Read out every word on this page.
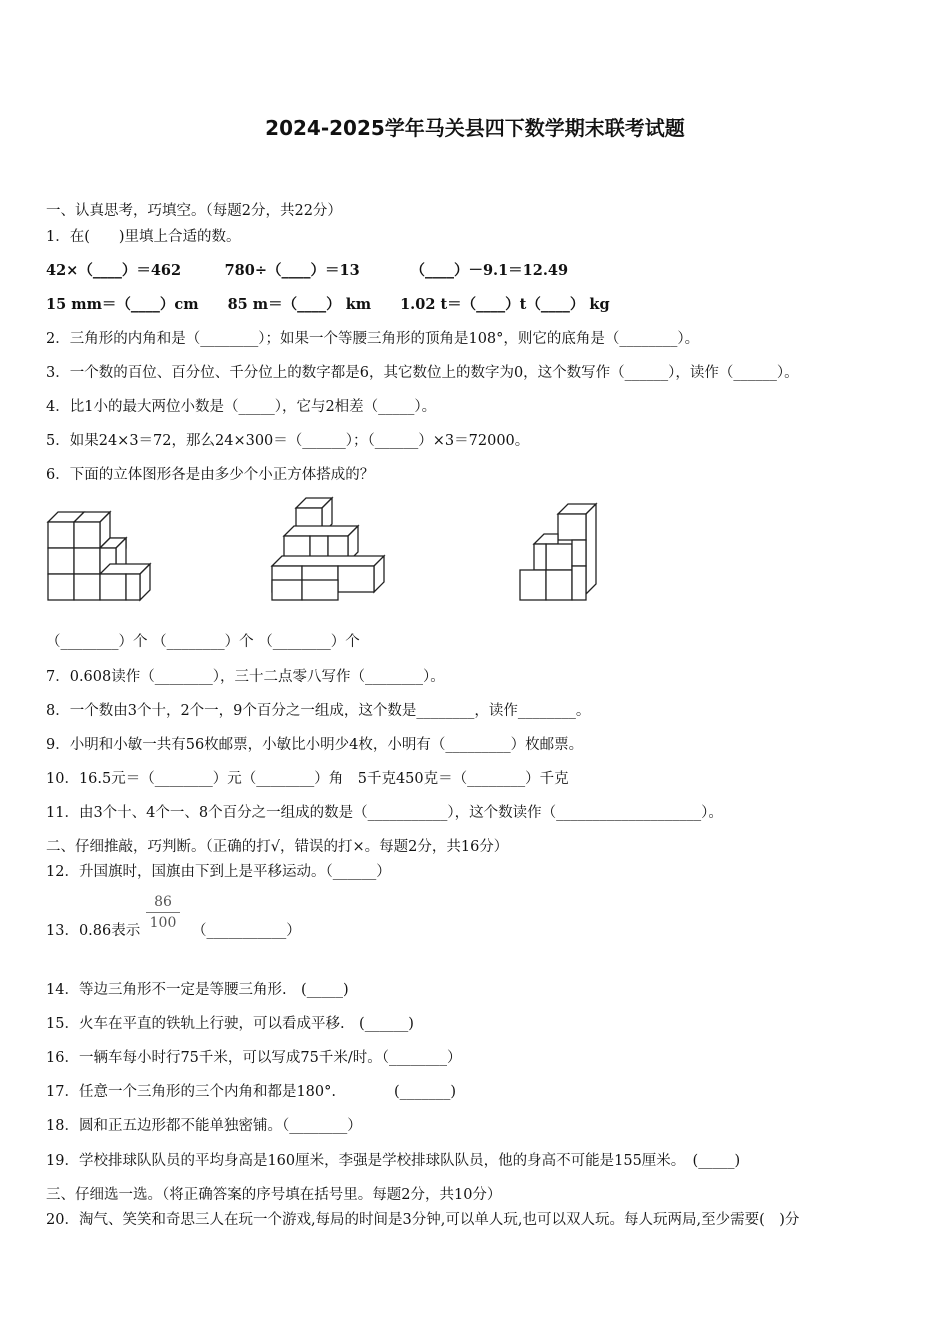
2024-2025学年马关县四下数学期末联考试题
一、认真思考，巧填空。（每题2分，共22分）
1．在(　　)里填上合适的数。
42×（____）＝462　　　780÷（____）＝13　　　　（____）－9.1＝12.49
15 mm＝（____）cm　　85 m＝（____） km　　1.02 t＝（____）t（____） kg
2．三角形的内角和是（________）；如果一个等腰三角形的顶角是108°，则它的底角是（________）。
3．一个数的百位、百分位、千分位上的数字都是6，其它数位上的数字为0，这个数写作（______），读作（______）。
4．比1小的最大两位小数是（_____），它与2相差（_____）。
5．如果24×3＝72，那么24×300＝（______）；（______）×3＝72000。
6．下面的立体图形各是由多少个小正方体搭成的？
（________）个 （________）个 （________）个
7．0.608读作（________），三十二点零八写作（________）。
8．一个数由3个十，2个一，9个百分之一组成，这个数是________，读作________。
9．小明和小敏一共有56枚邮票，小敏比小明少4枚，小明有（_________）枚邮票。
10．16.5元＝（________）元（________）角　5千克450克＝（________）千克
11．由3个十、4个一、8个百分之一组成的数是（___________），这个数读作（____________________）。
二、仔细推敲，巧判断。（正确的打√，错误的打×。每题2分，共16分）
12．升国旗时，国旗由下到上是平移运动。（______）
13．0.86表示 $\frac{86}{100}$ （___________）
14．等边三角形不一定是等腰三角形.　(_____)
15．火车在平直的铁轨上行驶，可以看成平移.　(______)
16．一辆车每小时行75千米，可以写成75千米/时。（________）
17．任意一个三角形的三个内角和都是180°.　　　　(_______)
18．圆和正五边形都不能单独密铺。（________）
19．学校排球队队员的平均身高是160厘米，李强是学校排球队队员，他的身高不可能是155厘米。　(_____)
三、仔细选一选。（将正确答案的序号填在括号里。每题2分，共10分）
20．淘气、笑笑和奇思三人在玩一个游戏,每局的时间是3分钟,可以单人玩,也可以双人玩。每人玩两局,至少需要(　)分
